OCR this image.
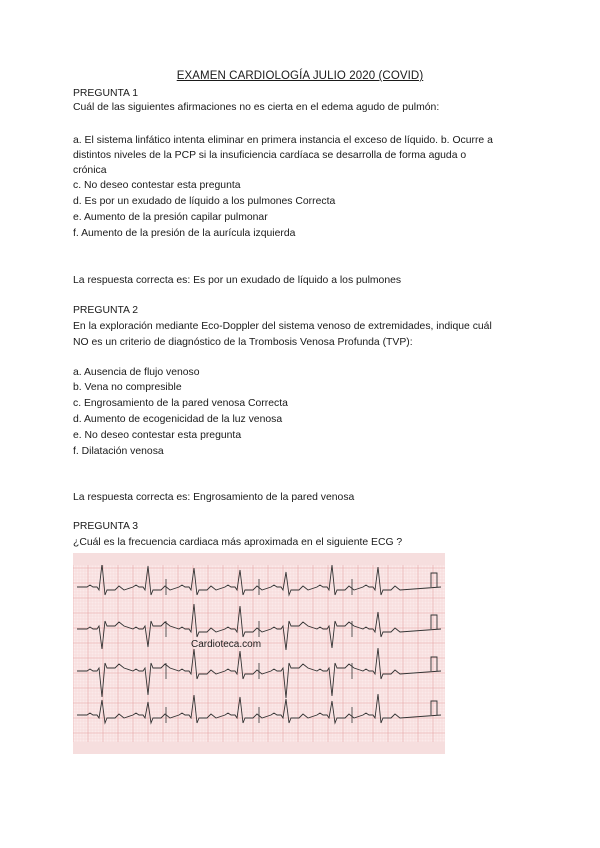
EXAMEN CARDIOLOGÍA JULIO 2020 (COVID)
PREGUNTA 1
Cuál de las siguientes afirmaciones no es cierta en el edema agudo de pulmón:
a. El sistema linfático intenta eliminar en primera instancia el exceso de líquido. b. Ocurre a
distintos niveles de la PCP si la insuficiencia cardíaca se desarrolla de forma aguda o
crónica
c. No deseo contestar esta pregunta
d. Es por un exudado de líquido a los pulmones Correcta
e. Aumento de la presión capilar pulmonar
f. Aumento de la presión de la aurícula izquierda
La respuesta correcta es: Es por un exudado de líquido a los pulmones
PREGUNTA 2
En la exploración mediante Eco-Doppler del sistema venoso de extremidades, indique cuál
NO es un criterio de diagnóstico de la Trombosis Venosa Profunda (TVP):
a. Ausencia de flujo venoso
b. Vena no compresible
c. Engrosamiento de la pared venosa Correcta
d. Aumento de ecogenicidad de la luz venosa
e. No deseo contestar esta pregunta
f. Dilatación venosa
La respuesta correcta es: Engrosamiento de la pared venosa
PREGUNTA 3
¿Cuál es la frecuencia cardiaca más aproximada en el siguiente ECG ?
Cardioteca.com
